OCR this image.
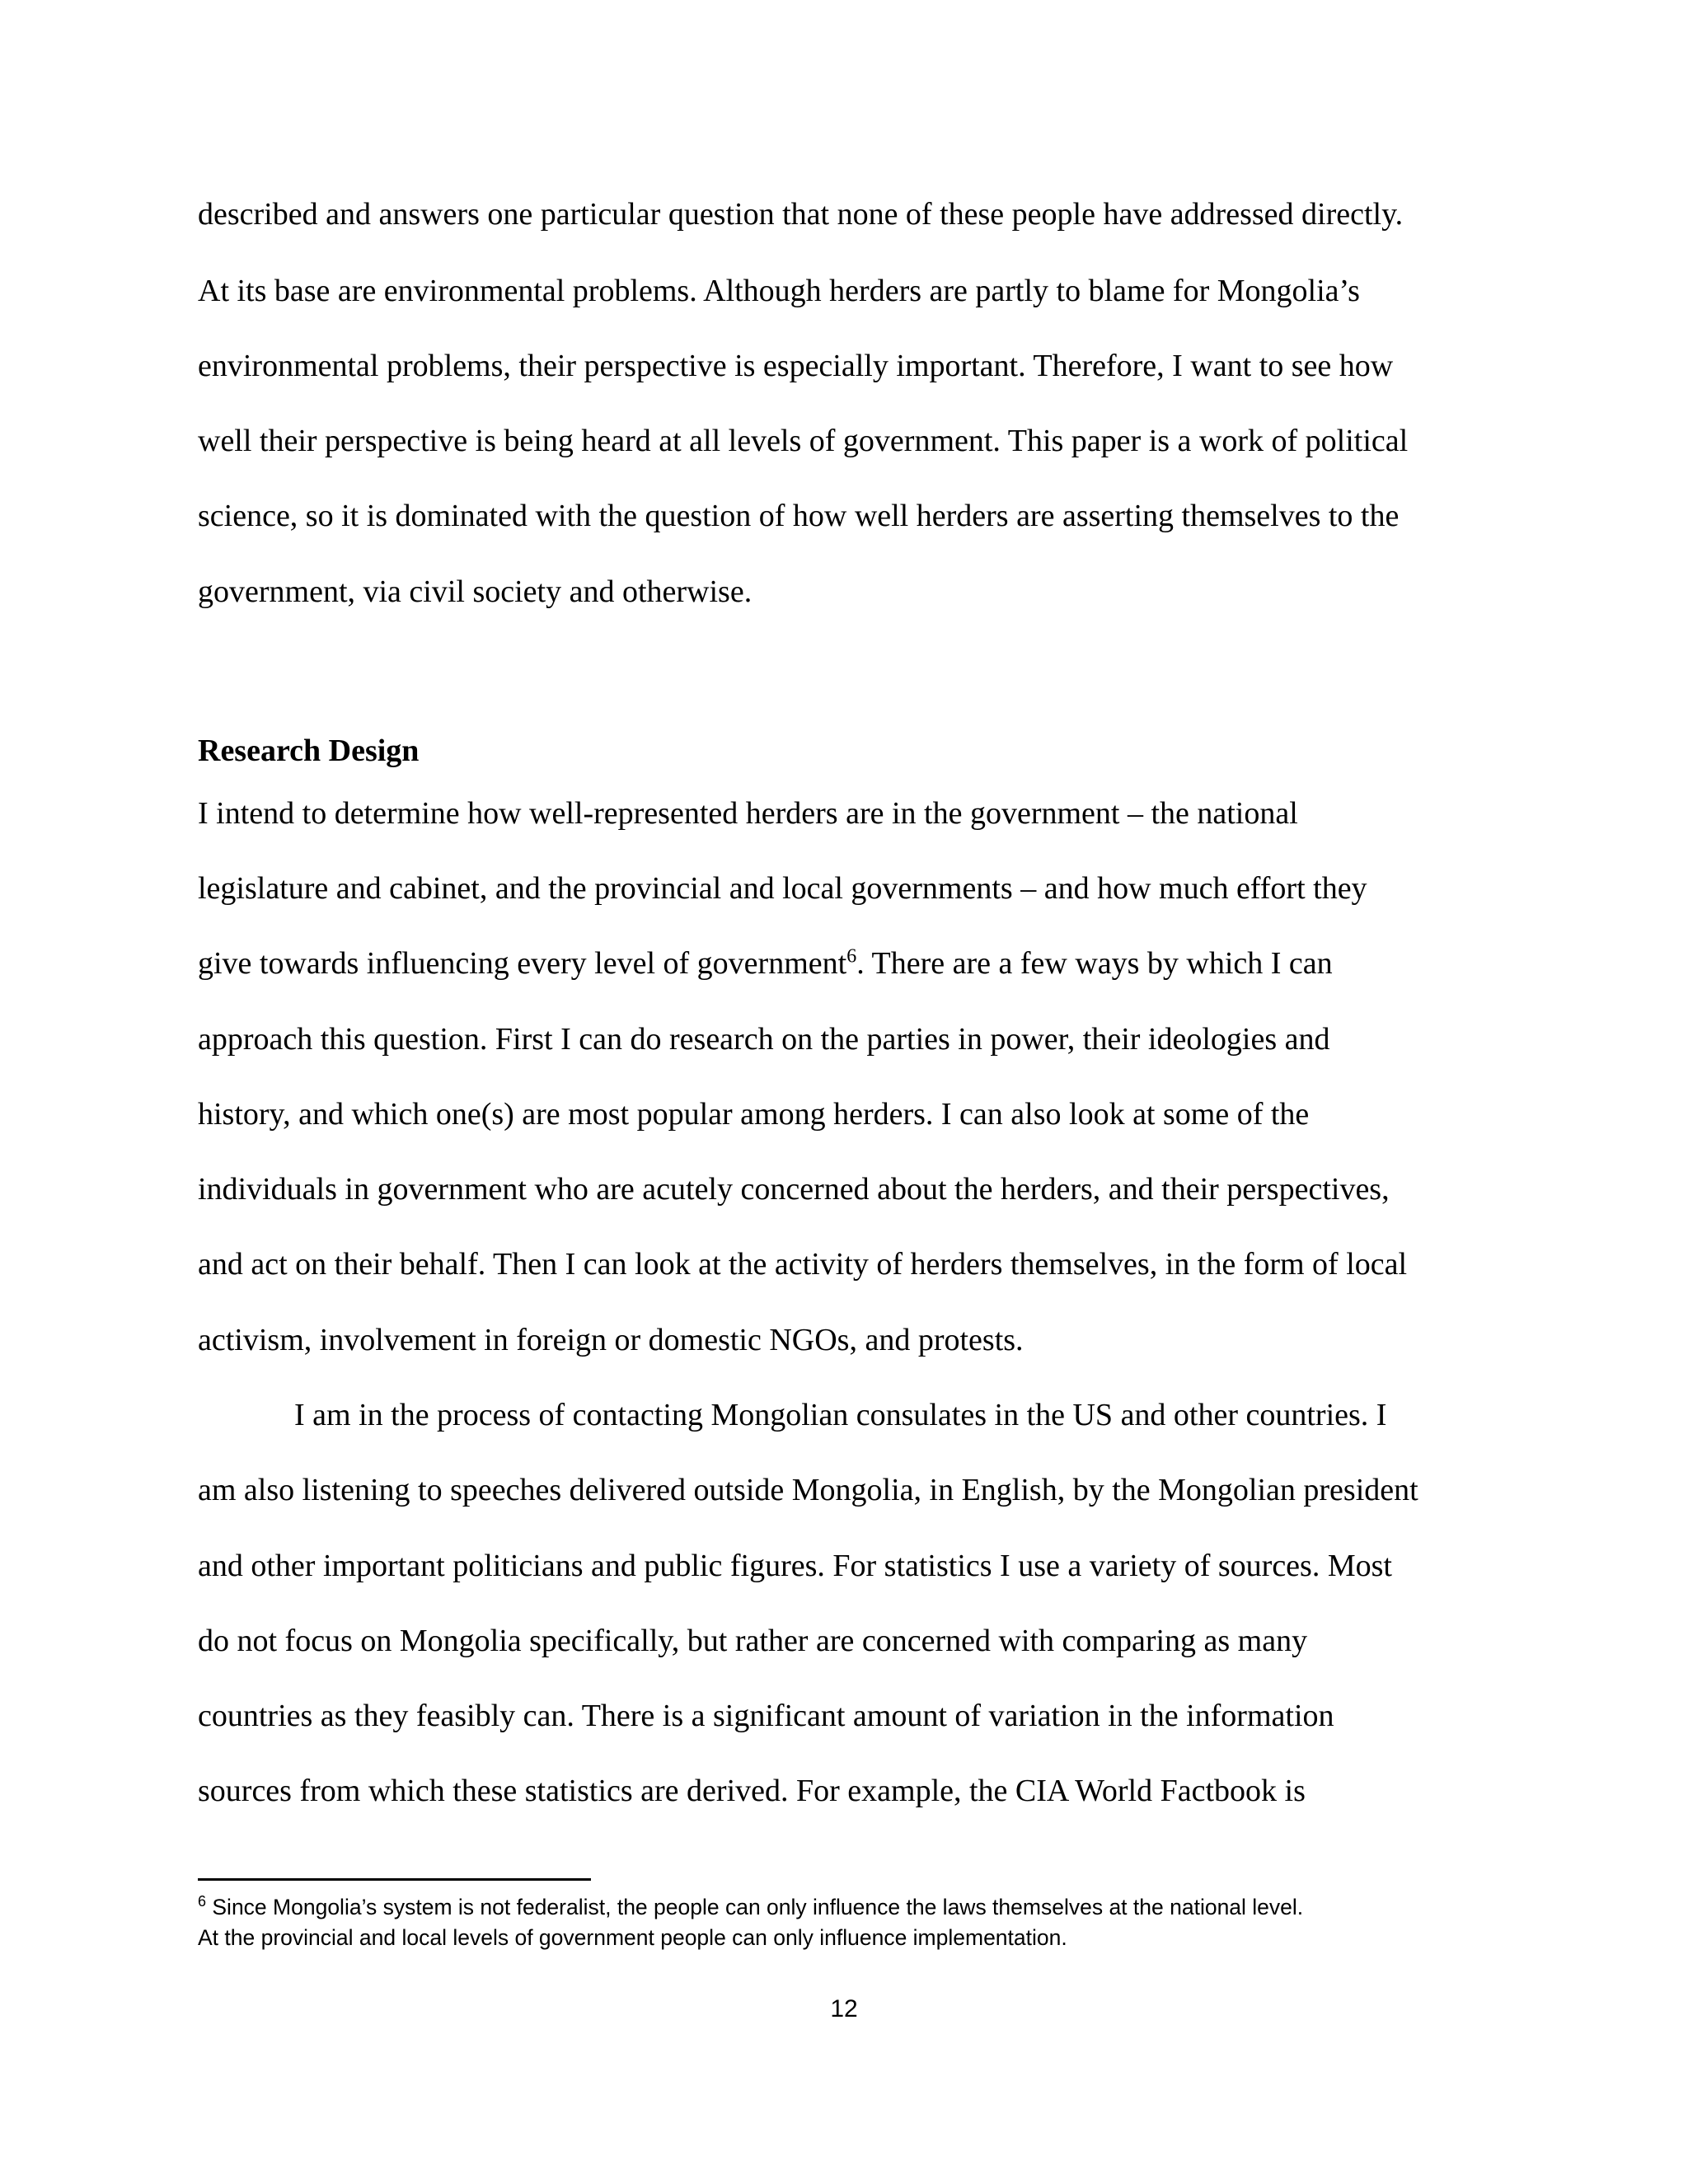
described and answers one particular question that none of these people have addressed directly.
At its base are environmental problems. Although herders are partly to blame for Mongolia’s
environmental problems, their perspective is especially important. Therefore, I want to see how
well their perspective is being heard at all levels of government. This paper is a work of political
science, so it is dominated with the question of how well herders are asserting themselves to the
government, via civil society and otherwise.
Research Design
I intend to determine how well-represented herders are in the government – the national
legislature and cabinet, and the provincial and local governments – and how much effort they
give towards influencing every level of government$^6$. There are a few ways by which I can
approach this question. First I can do research on the parties in power, their ideologies and
history, and which one(s) are most popular among herders. I can also look at some of the
individuals in government who are acutely concerned about the herders, and their perspectives,
and act on their behalf. Then I can look at the activity of herders themselves, in the form of local
activism, involvement in foreign or domestic NGOs, and protests.
I am in the process of contacting Mongolian consulates in the US and other countries. I
am also listening to speeches delivered outside Mongolia, in English, by the Mongolian president
and other important politicians and public figures. For statistics I use a variety of sources. Most
do not focus on Mongolia specifically, but rather are concerned with comparing as many
countries as they feasibly can. There is a significant amount of variation in the information
sources from which these statistics are derived. For example, the CIA World Factbook is
$^6$ Since Mongolia’s system is not federalist, the people can only influence the laws themselves at the national level.
At the provincial and local levels of government people can only influence implementation.
12
